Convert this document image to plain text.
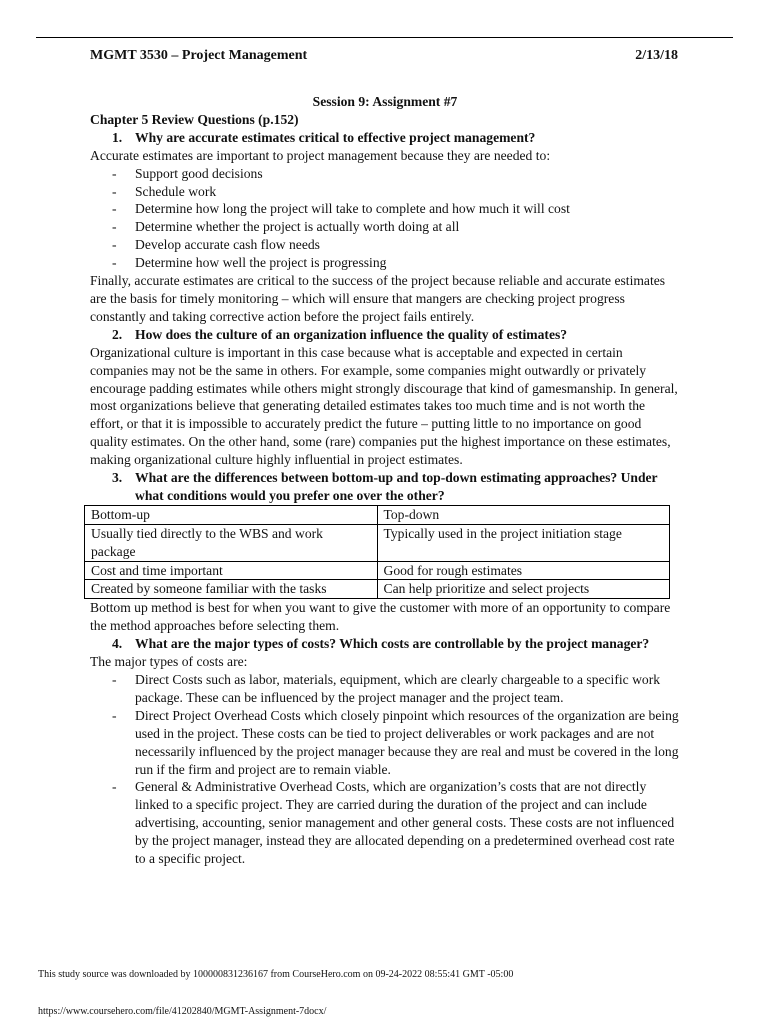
MGMT 3530 – Project Management	2/13/18
Session 9: Assignment #7
Chapter 5 Review Questions (p.152)
1. Why are accurate estimates critical to effective project management?

Accurate estimates are important to project management because they are needed to:

-	Support good decisions
-	Schedule work
-	Determine how long the project will take to complete and how much it will cost
-	Determine whether the project is actually worth doing at all
-	Develop accurate cash flow needs
-	Determine how well the project is progressing

Finally, accurate estimates are critical to the success of the project because reliable and accurate estimates are the basis for timely monitoring – which will ensure that mangers are checking project progress constantly and taking corrective action before the project fails entirely.

2. How does the culture of an organization influence the quality of estimates?

Organizational culture is important in this case because what is acceptable and expected in certain companies may not be the same in others. For example, some companies might outwardly or privately encourage padding estimates while others might strongly discourage that kind of gamesmanship. In general, most organizations believe that generating detailed estimates takes too much time and is not worth the effort, or that it is impossible to accurately predict the future – putting little to no importance on good quality estimates. On the other hand, some (rare) companies put the highest importance on these estimates, making organizational culture highly influential in project estimates.

3. What are the differences between bottom-up and top-down estimating approaches? Under what conditions would you prefer one over the other?
Bottom-up	Top-down
Usually tied directly to the WBS and work package	Typically used in the project initiation stage
Cost and time important	Good for rough estimates
Created by someone familiar with the tasks	Can help prioritize and select projects

Bottom up method is best for when you want to give the customer with more of an opportunity to compare the method approaches before selecting them.

4. What are the major types of costs? Which costs are controllable by the project manager?

The major types of costs are:

-	Direct Costs such as labor, materials, equipment, which are clearly chargeable to a specific work package. These can be influenced by the project manager and the project team.
-	Direct Project Overhead Costs which closely pinpoint which resources of the organization are being used in the project. These costs can be tied to project deliverables or work packages and are not necessarily influenced by the project manager because they are real and must be covered in the long run if the firm and project are to remain viable.
-	General & Administrative Overhead Costs, which are organization’s costs that are not directly linked to a specific project. They are carried during the duration of the project and can include advertising, accounting, senior management and other general costs. These costs are not influenced by the project manager, instead they are allocated depending on a predetermined overhead cost rate to a specific project.
This study source was downloaded by 100000831236167 from CourseHero.com on 09-24-2022 08:55:41 GMT -05:00
https://www.coursehero.com/file/41202840/MGMT-Assignment-7docx/
